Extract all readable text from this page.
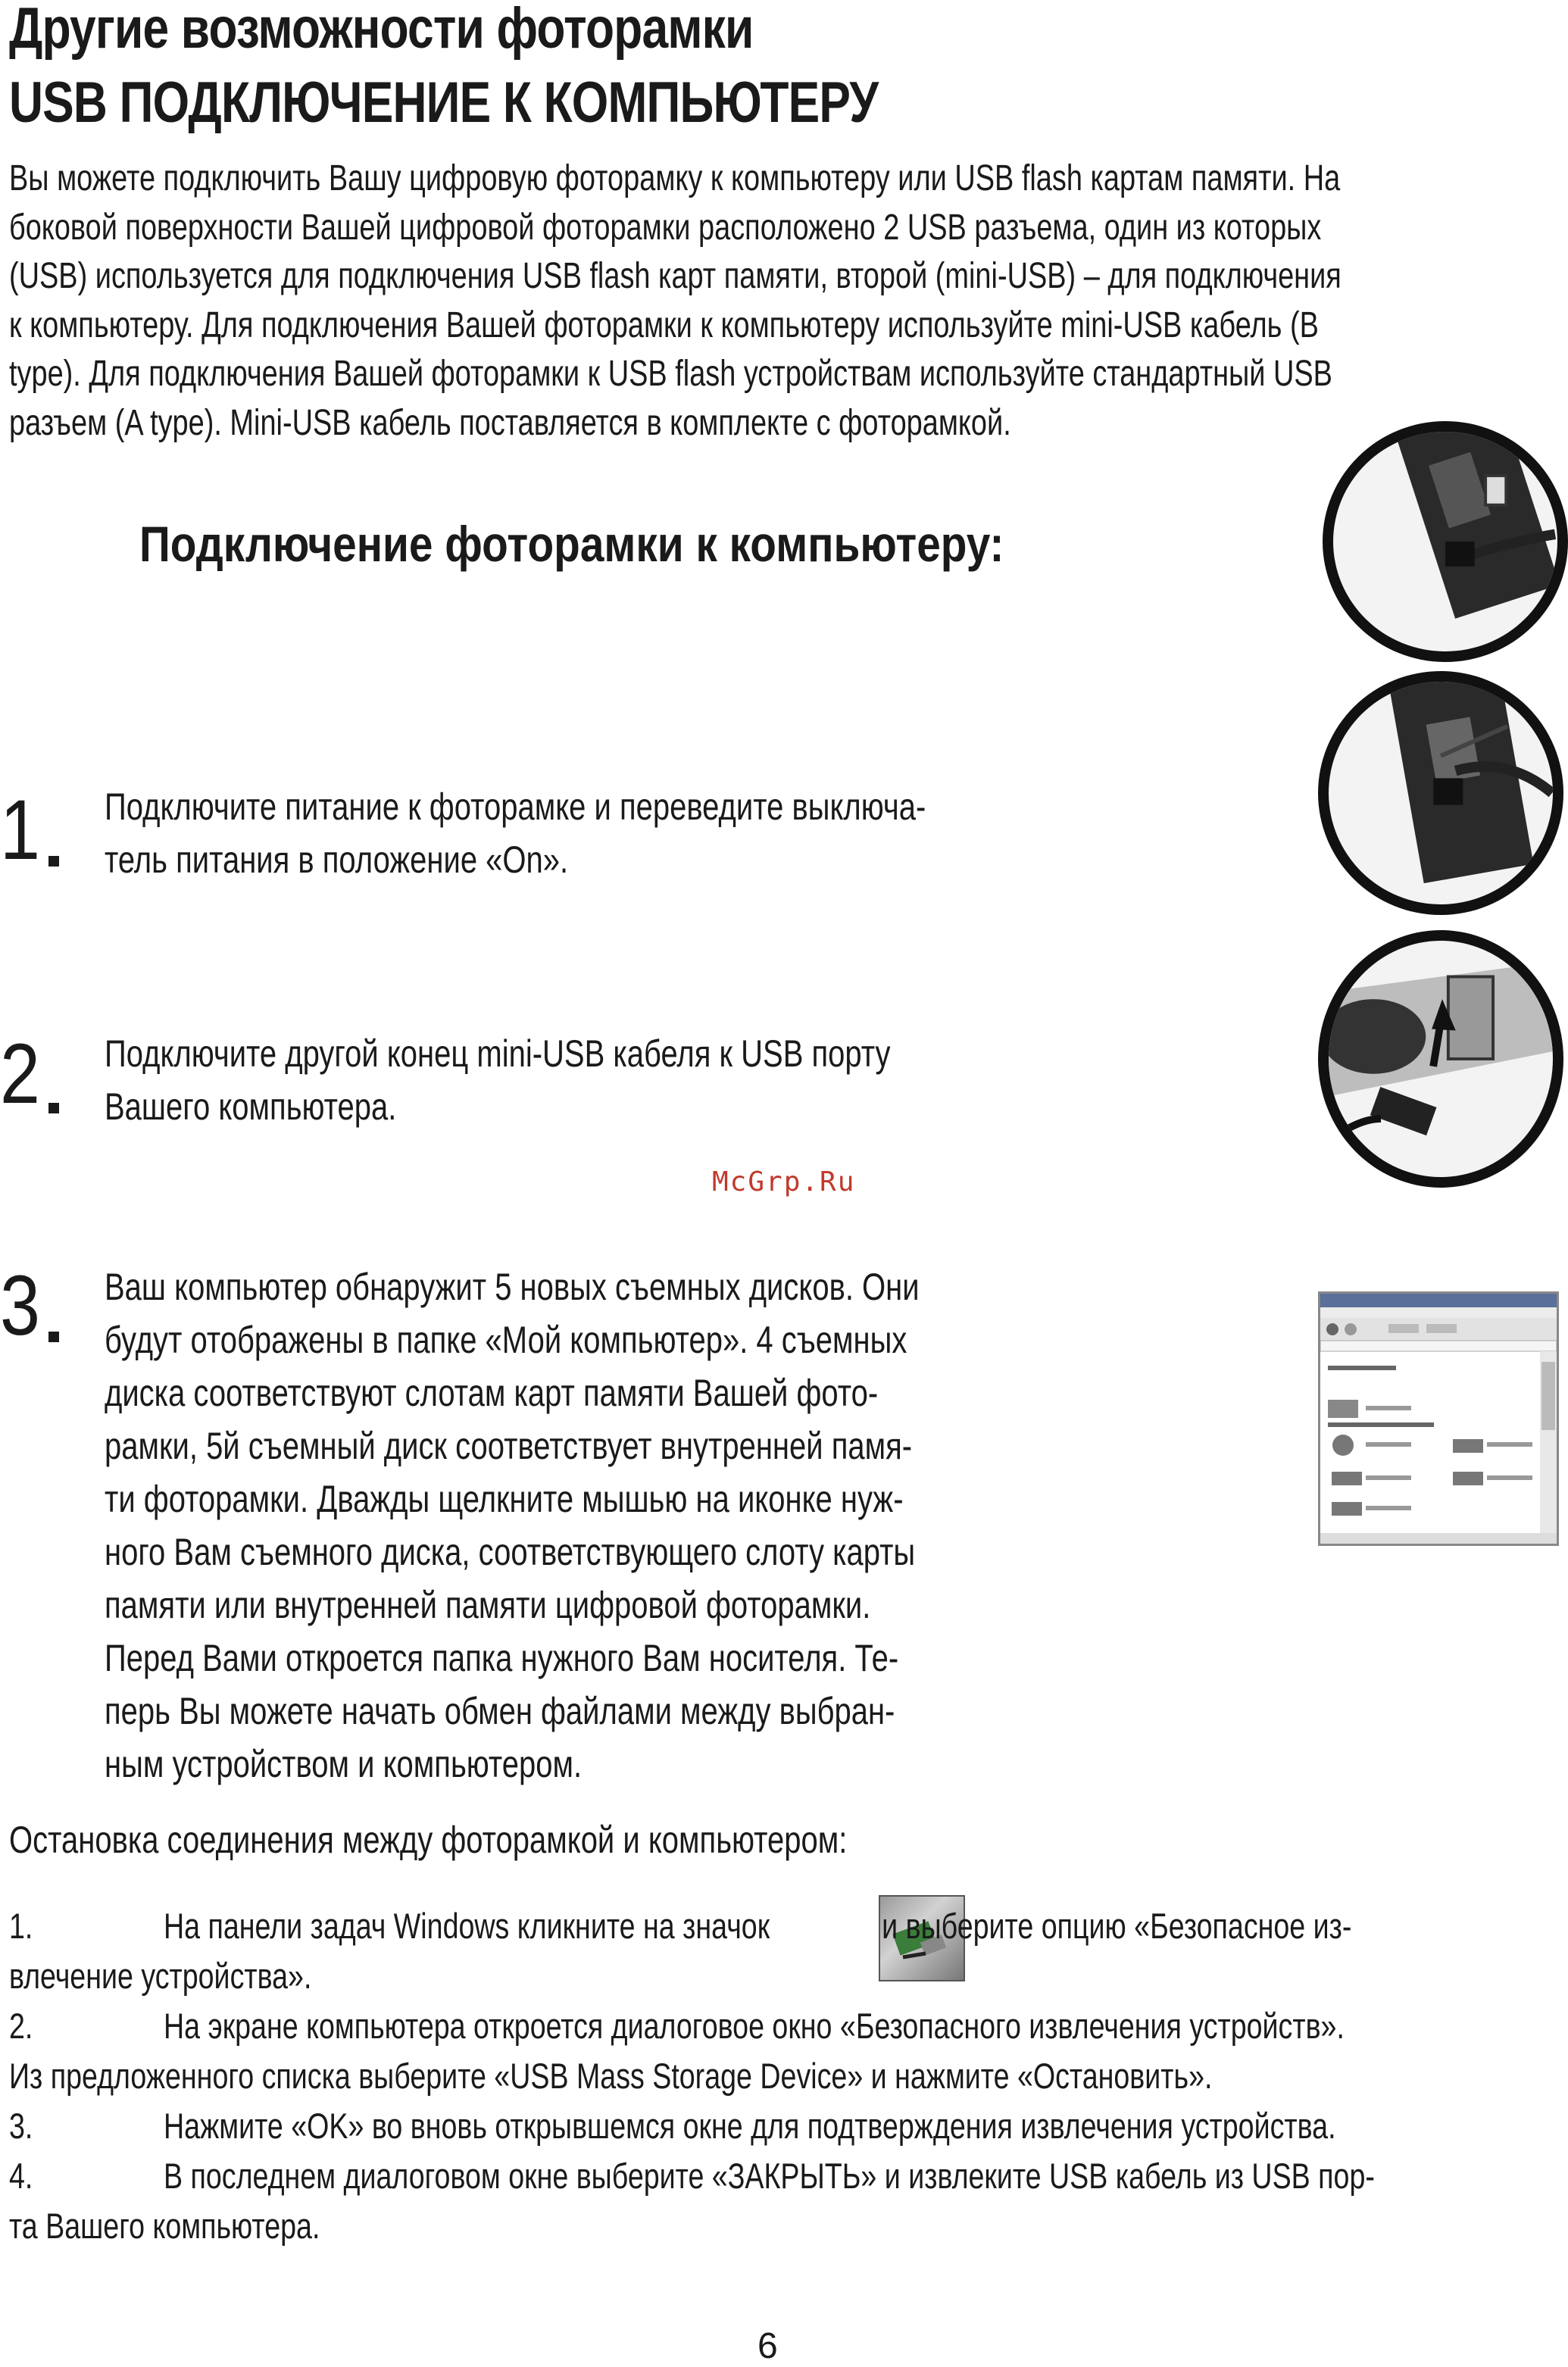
Другие возможности фоторамки
USB ПОДКЛЮЧЕНИЕ К КОМПЬЮТЕРУ
Вы можете подключить Вашу цифровую фоторамку к компьютеру или USB flash картам памяти. На
боковой поверхности Вашей цифровой фоторамки расположено 2 USB разъема, один из которых
(USB) используется для подключения USB flash карт памяти, второй (mini-USB) – для подключения
к компьютеру. Для подключения Вашей фоторамки к компьютеру используйте mini-USB кабель (B
type). Для подключения Вашей фоторамки к USB flash устройствам используйте стандартный USB
разъем (A type). Mini-USB кабель поставляется в комплекте с фоторамкой.
Подключение фоторамки к компьютеру:
1 Подключите питание к фоторамке и переведите выключа-
тель питания в положение «On».
2 Подключите другой конец mini-USB кабеля к USB порту
Вашего компьютера.
McGrp.Ru
3 Ваш компьютер обнаружит 5 новых съемных дисков. Они
будут отображены в папке «Мой компьютер». 4 съемных
диска соответствуют слотам карт памяти Вашей фото-
рамки, 5й съемный диск соответствует внутренней памя-
ти фоторамки. Дважды щелкните мышью на иконке нуж-
ного Вам съемного диска, соответствующего слоту карты
памяти или внутренней памяти цифровой фоторамки.
Перед Вами откроется папка нужного Вам носителя. Те-
перь Вы можете начать обмен файлами между выбран-
ным устройством и компьютером.
Остановка соединения между фоторамкой и компьютером:
1.	На панели задач Windows кликните на значок	и выберите опцию «Безопасное из-
влечение устройства».
2.	На экране компьютера откроется диалоговое окно «Безопасного извлечения устройств».
Из предложенного списка выберите «USB Mass Storage Device» и нажмите «Остановить».
3.	Нажмите «OK» во вновь открывшемся окне для подтверждения извлечения устройства.
4.	В последнем диалоговом окне выберите «ЗАКРЫТЬ» и извлеките USB кабель из USB пор-
та Вашего компьютера.
6
